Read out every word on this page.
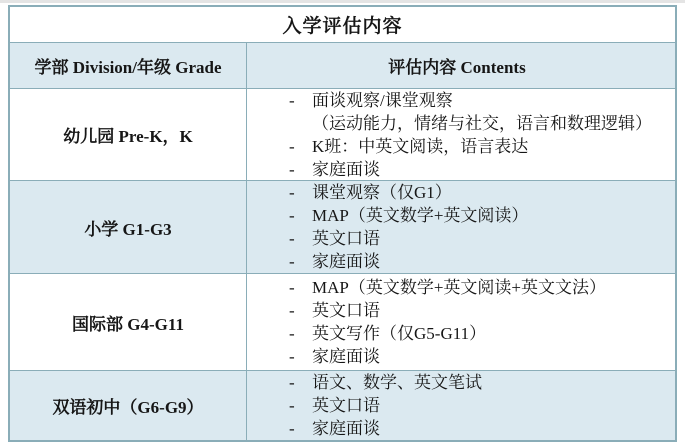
入学评估内容
学部 Division/年级 Grade	评估内容 Contents
幼儿园 Pre-K，K
-	面谈观察/课堂观察
（运动能力，情绪与社交，语言和数理逻辑）
-	K班：中英文阅读，语言表达
-	家庭面谈
小学 G1-G3
-	课堂观察（仅G1）
-	MAP（英文数学+英文阅读）
-	英文口语
-	家庭面谈
国际部 G4-G11
-	MAP（英文数学+英文阅读+英文文法）
-	英文口语
-	英文写作（仅G5-G11）
-	家庭面谈
双语初中（G6-G9）
-	语文、数学、英文笔试
-	英文口语
-	家庭面谈
